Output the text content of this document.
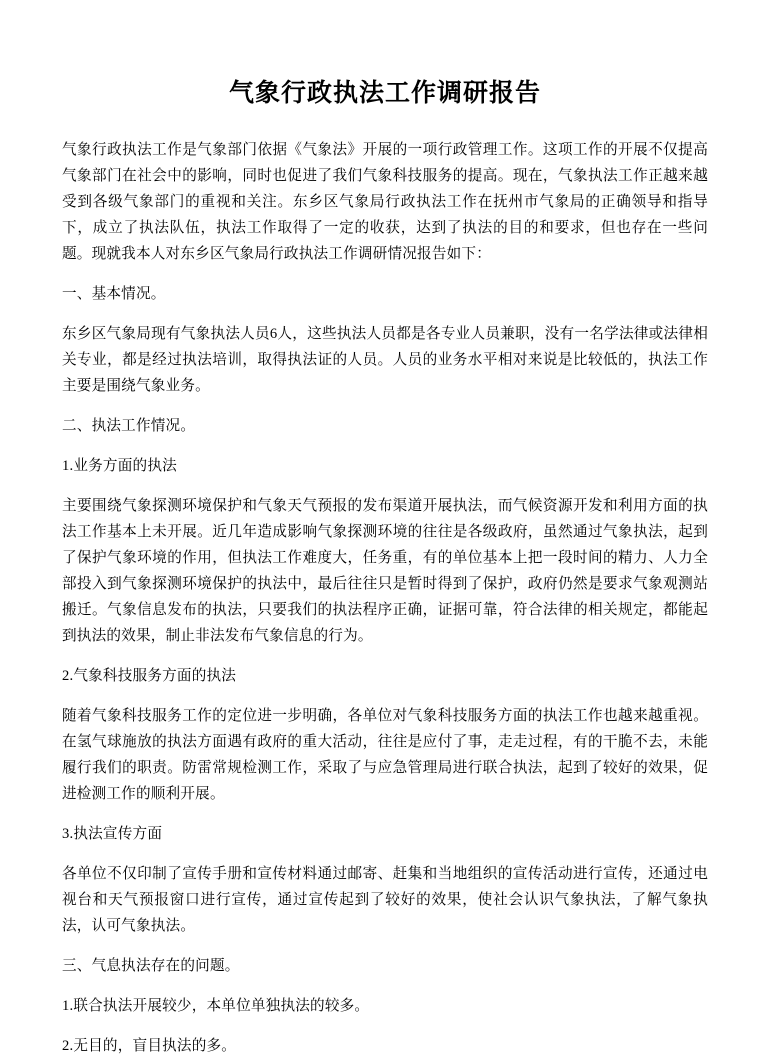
气象行政执法工作调研报告

气象行政执法工作是气象部门依据《气象法》开展的一项行政管理工作。这项工作的开展不仅提高气象部门在社会中的影响，同时也促进了我们气象科技服务的提高。现在，气象执法工作正越来越受到各级气象部门的重视和关注。东乡区气象局行政执法工作在抚州市气象局的正确领导和指导下，成立了执法队伍，执法工作取得了一定的收获，达到了执法的目的和要求，但也存在一些问题。现就我本人对东乡区气象局行政执法工作调研情况报告如下：

一、基本情况。

东乡区气象局现有气象执法人员6人，这些执法人员都是各专业人员兼职，没有一名学法律或法律相关专业，都是经过执法培训，取得执法证的人员。人员的业务水平相对来说是比较低的，执法工作主要是围绕气象业务。

二、执法工作情况。

1.业务方面的执法

主要围绕气象探测环境保护和气象天气预报的发布渠道开展执法，而气候资源开发和利用方面的执法工作基本上未开展。近几年造成影响气象探测环境的往往是各级政府，虽然通过气象执法，起到了保护气象环境的作用，但执法工作难度大，任务重，有的单位基本上把一段时间的精力、人力全部投入到气象探测环境保护的执法中，最后往往只是暂时得到了保护，政府仍然是要求气象观测站搬迁。气象信息发布的执法，只要我们的执法程序正确，证据可靠，符合法律的相关规定，都能起到执法的效果，制止非法发布气象信息的行为。

2.气象科技服务方面的执法

随着气象科技服务工作的定位进一步明确，各单位对气象科技服务方面的执法工作也越来越重视。在氢气球施放的执法方面遇有政府的重大活动，往往是应付了事，走走过程，有的干脆不去，未能履行我们的职责。防雷常规检测工作，采取了与应急管理局进行联合执法，起到了较好的效果，促进检测工作的顺利开展。

3.执法宣传方面

各单位不仅印制了宣传手册和宣传材料通过邮寄、赶集和当地组织的宣传活动进行宣传，还通过电视台和天气预报窗口进行宣传，通过宣传起到了较好的效果，使社会认识气象执法，了解气象执法，认可气象执法。

三、气息执法存在的问题。

1.联合执法开展较少，本单位单独执法的较多。

2.无目的，盲目执法的多。
